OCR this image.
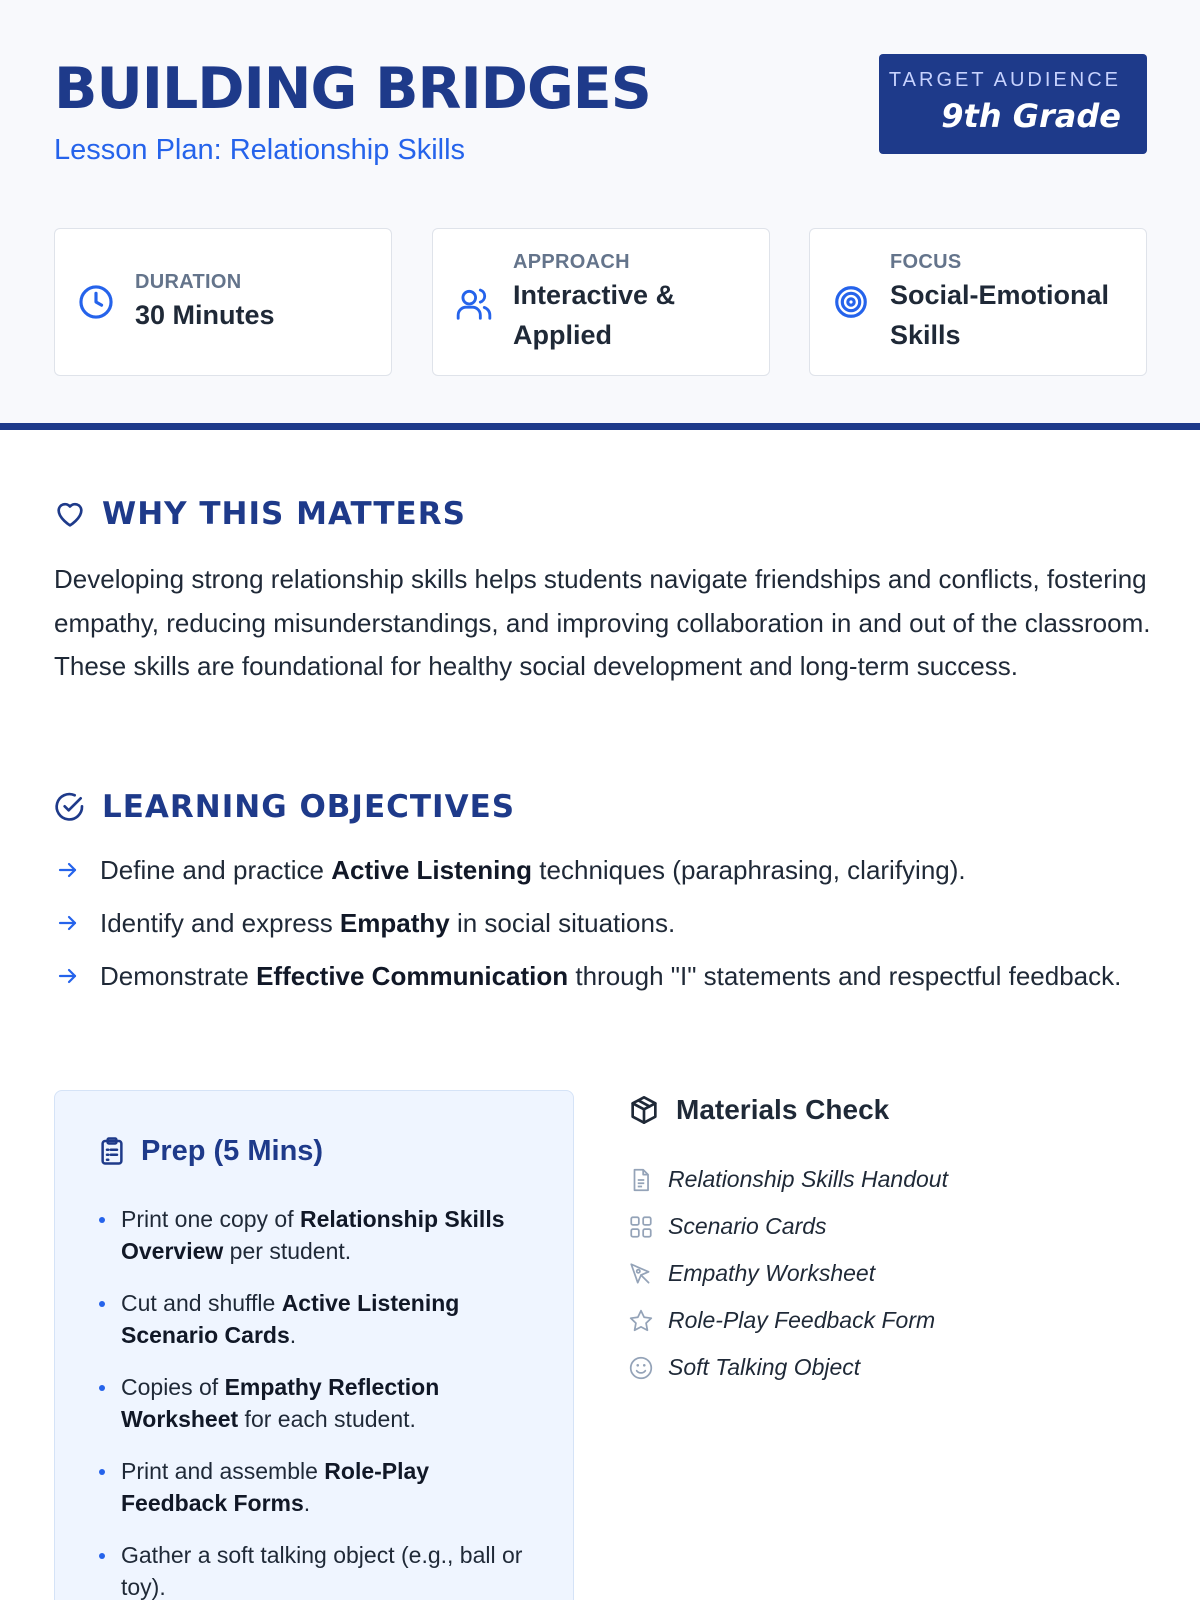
BUILDING BRIDGES
Lesson Plan: Relationship Skills
TARGET AUDIENCE
9th Grade
DURATION
30 Minutes
APPROACH
Interactive &
Applied
FOCUS
Social-Emotional
Skills
WHY THIS MATTERS

Developing strong relationship skills helps students navigate friendships and conflicts, fostering empathy, reducing misunderstandings, and improving collaboration in and out of the classroom. These skills are foundational for healthy social development and long-term success.

LEARNING OBJECTIVES
Define and practice Active Listening techniques (paraphrasing, clarifying).
Identify and express Empathy in social situations.
Demonstrate Effective Communication through "I" statements and respectful feedback.
Prep (5 Mins)
Print one copy of Relationship Skills Overview per student.
Cut and shuffle Active Listening Scenario Cards.
Copies of Empathy Reflection Worksheet for each student.
Print and assemble Role-Play Feedback Forms.
Gather a soft talking object (e.g., ball or toy).
Materials Check
Relationship Skills Handout
Scenario Cards
Empathy Worksheet
Role-Play Feedback Form
Soft Talking Object
